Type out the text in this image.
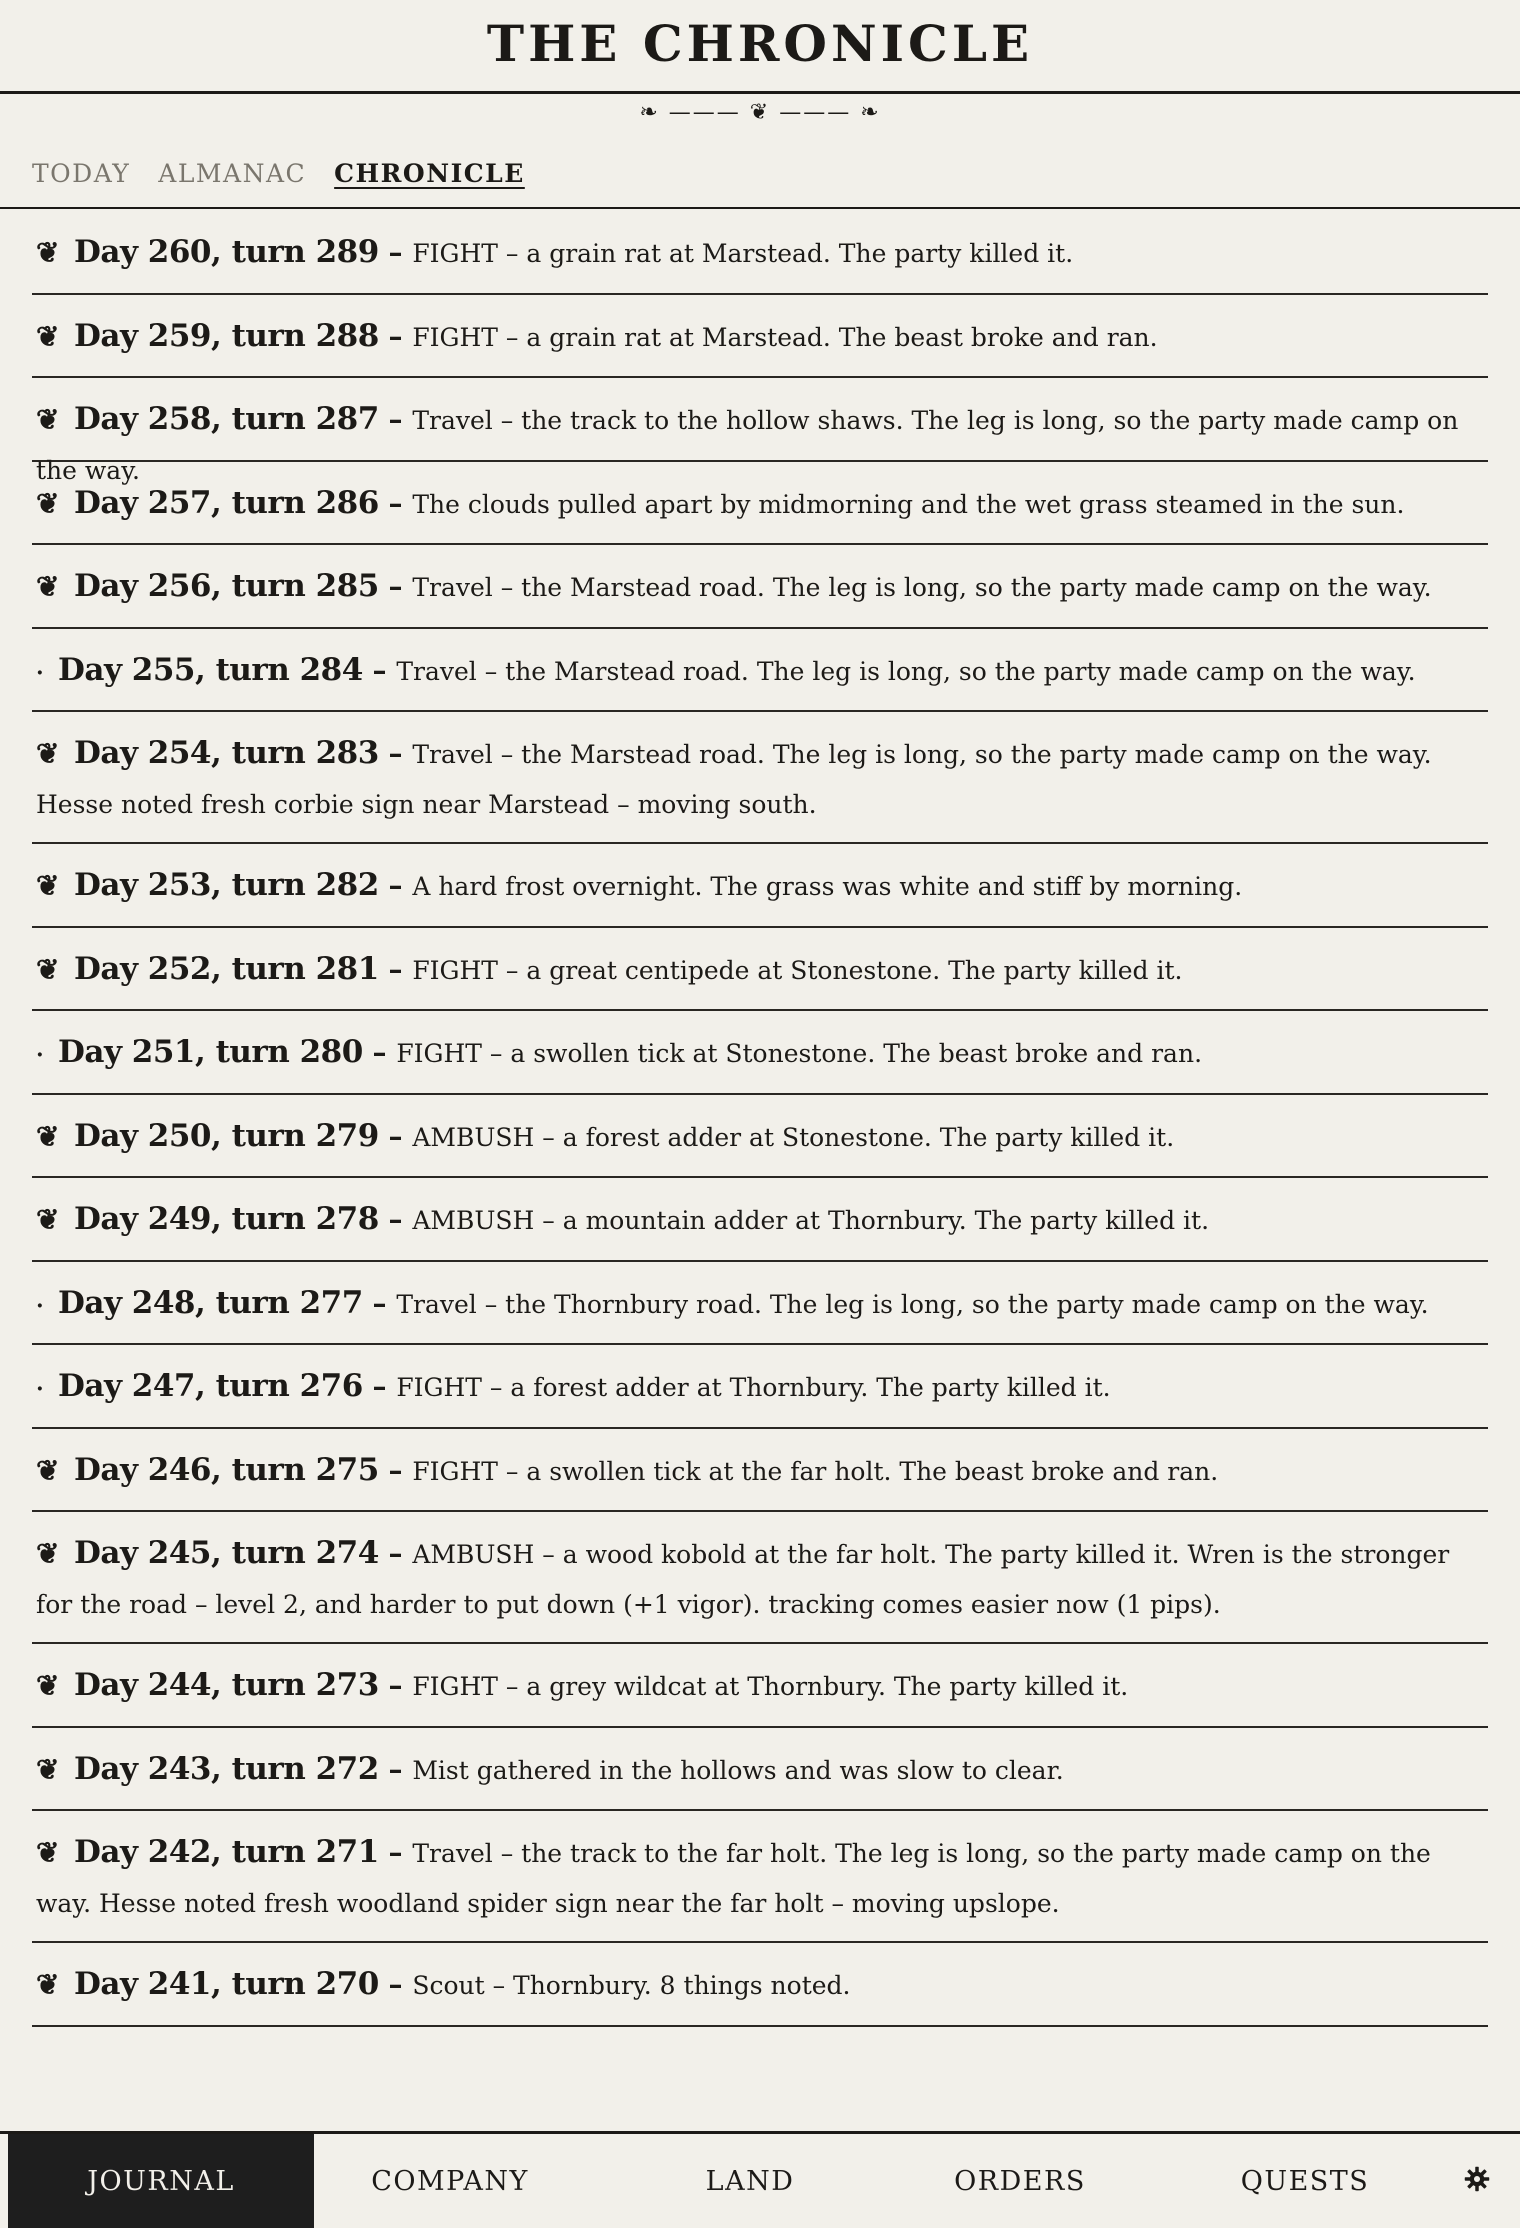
THE CHRONICLE
❧ ——— ❦ ——— ❧
TODAY ALMANAC CHRONICLE
❦ Day 260, turn 289 – FIGHT – a grain rat at Marstead. The party killed it.
❦ Day 259, turn 288 – FIGHT – a grain rat at Marstead. The beast broke and ran.
❦ Day 258, turn 287 – Travel – the track to the hollow shaws. The leg is long, so the party made camp on the way.
❦ Day 257, turn 286 – The clouds pulled apart by midmorning and the wet grass steamed in the sun.
❦ Day 256, turn 285 – Travel – the Marstead road. The leg is long, so the party made camp on the way.
· Day 255, turn 284 – Travel – the Marstead road. The leg is long, so the party made camp on the way.
❦ Day 254, turn 283 – Travel – the Marstead road. The leg is long, so the party made camp on the way. Hesse noted fresh corbie sign near Marstead – moving south.
❦ Day 253, turn 282 – A hard frost overnight. The grass was white and stiff by morning.
❦ Day 252, turn 281 – FIGHT – a great centipede at Stonestone. The party killed it.
· Day 251, turn 280 – FIGHT – a swollen tick at Stonestone. The beast broke and ran.
❦ Day 250, turn 279 – AMBUSH – a forest adder at Stonestone. The party killed it.
❦ Day 249, turn 278 – AMBUSH – a mountain adder at Thornbury. The party killed it.
· Day 248, turn 277 – Travel – the Thornbury road. The leg is long, so the party made camp on the way.
· Day 247, turn 276 – FIGHT – a forest adder at Thornbury. The party killed it.
❦ Day 246, turn 275 – FIGHT – a swollen tick at the far holt. The beast broke and ran.
❦ Day 245, turn 274 – AMBUSH – a wood kobold at the far holt. The party killed it. Wren is the stronger for the road – level 2, and harder to put down (+1 vigor). tracking comes easier now (1 pips).
❦ Day 244, turn 273 – FIGHT – a grey wildcat at Thornbury. The party killed it.
❦ Day 243, turn 272 – Mist gathered in the hollows and was slow to clear.
❦ Day 242, turn 271 – Travel – the track to the far holt. The leg is long, so the party made camp on the way. Hesse noted fresh woodland spider sign near the far holt – moving upslope.
❦ Day 241, turn 270 – Scout – Thornbury. 8 things noted.
JOURNAL	COMPANY	LAND	ORDERS	QUESTS
